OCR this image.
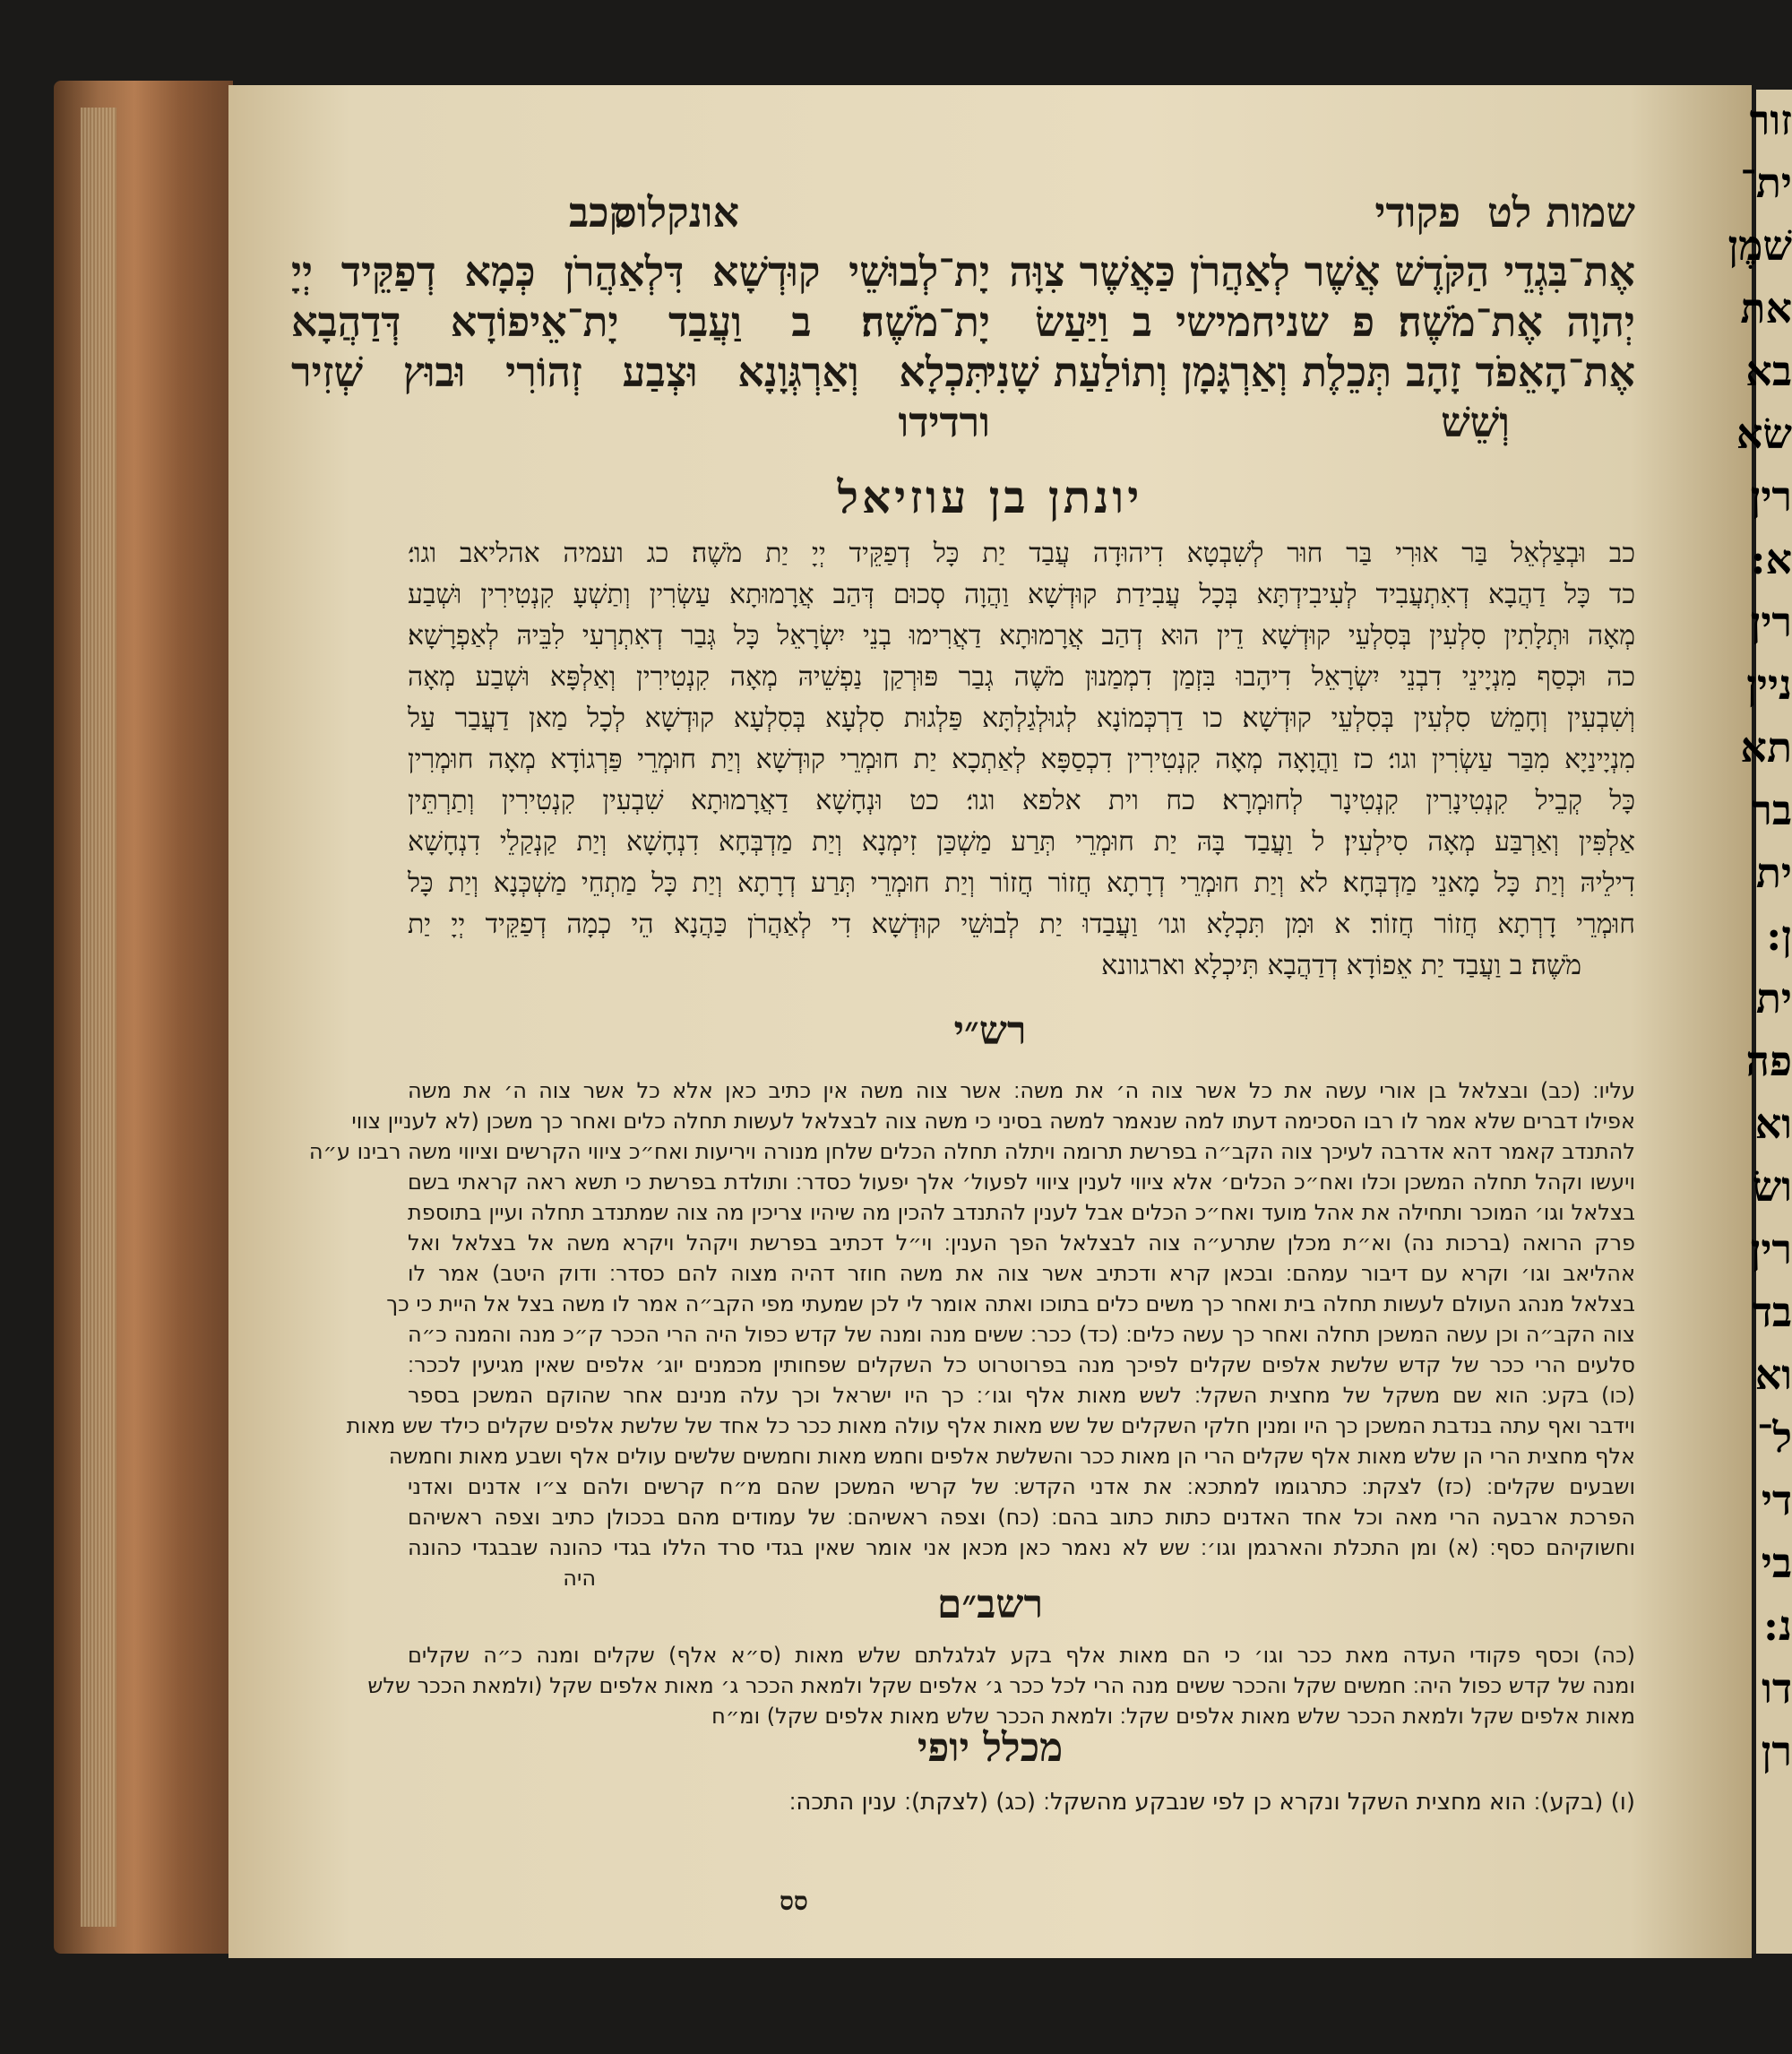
שמות לט
פקודי
אונקלוס
קכב
אֶת־בִּגְדֵי הַקֹּדֶשׁ אֲשֶׁר לְאַהֲרֹן כַּאֲשֶׁר צִוָּה
יְהוָה אֶת־מֹשֶׁה׃ פ שניחמישי ב וַיַּעַשׂ
אֶת־הָאֵפֹד זָהָב תְּכֵלֶת וְאַרְגָּמָן וְתוֹלַעַת שָׁנִי
וְשֵׁשׁ
יָת־לְבוּשֵׁי קוּדְשָׁא דִּלְאַהֲרֹן כְּמָא דְפַקֵּיד יְיָ
יָת־מֹשֶׁה׃ ב וַעֲבַד יָת־אֵיפוֹדָא דְּדַהֲבָא
תִּכְלָא וְאַרְגְּוָנָא וּצְבַע זְהוֹרִי וּבוּץ שְׁזִיר
ורדידו
יונתן בן עוזיאל
כב וּבְצַלְאֵל בַּר אוּרִי בַּר חוּר לְשִׁבְטָא דִיהוּדָה עֲבַד יַת כָּל דְפַקֵּיד יְיָ יַת מֹשֶׁה׃ כג ועמיה אהליאב וגו׳׃
כד כָּל דַהֲבָא דְאִתְעֲבִיד לְעִיבִידְתָּא בְּכָל עֲבִידַת קוּדְשָׁא וַהֲוָה סְכוּם דְּהַב אֲרָמוּתָא עַשְׂרִין וְתַשְׁעָ קִנְטִירִין וּשְׁבַע
מְאָה וּתְלָתִין סִלְעִין בְּסִלְעֵי קוּדְשָׁא דֵין הוּא דְהַב אֲרָמוּתָא דַאֲרִימוּ בְנֵי יִשְׂרָאֵל כָּל גְּבַר דְאִתְרְעִי לִבֵּיהּ לְאַפְרָשָׁא׃
כה וּכְסַף מִנְיָינֵי דִבְנֵי יִשְׂרָאֵל דִיהָבוּ בִּזְמַן דִמְמַנוּן מֹשֶׁה גְבַר פּוּרְקַן נַפְשֵׁיהּ מְאָה קִנְטִירִין וְאַלְפָּא וּשְׁבַע מְאָה
וְשִׁבְעִין וְחָמֵשׁ סִלְעִין בְּסִלְעֵי קוּדְשָׁא׃ כו דַרְכְּמוֹנָא לְגוּלְגַלְתָּא פַּלְגוּת סִלְעָא בְּסִלְעָא קוּדְשָׁא לְכָל מַאן דַעֲבַר עַל
מִנְיָינַיָא מִבַּר עַשְׂרִין וגו׳׃ כז וַהֲוָאָה מְאָה קִנְטִירִין דִכְסַפָּא לְאַתְכָא יַת חוּמְרֵי קוּדְשָׁא וְיַת חוּמְרֵי פַּרְגוֹדָא מְאָה חוּמְרִין
כָּל קְבֵיל קִנְטִינָרִין קִנְטִינָר לְחוּמְרָא׃ כח וית אלפא וגו׳׃ כט וּנְחָשָׁא דַאֲרָמוּתָא שִׁבְעִין קִנְטִירִין וְתַרְתֵּין
אַלְפִּין וְאַרְבַּע מְאָה סִילְעִין׃ ל וַעֲבַד בָּהּ יַת חוּמְרֵי תְּרַע מַשְׁכַּן זִימְנָא וְיַת מַדְבְּחָא דִנְחָשָׁא וְיַת קַנְקַלֵי דִנְחָשָׁא
דִילֵיהּ וְיַת כָּל מָאנֵי מַדְבְּחָא׃ לא וְיַת חוּמְרֵי דְרָתָא חֲזוֹר חֲזוֹר וְיַת חוּמְרֵי תְּרַע דְרָתָא וְיַת כָּל מַתְחֵי מַשְׁכְּנָא וְיַת כָּל
חוּמְרֵי דָרְתָא חֲזוֹר חֲזוֹר׃ א וּמִן תִּכְלָא וגו׳ וַעֲבַדוּ יַת לְבוּשֵׁי קוּדְשָׁא דִי לְאַהֲרֹן כַּהֲנָא הֵי כְמָה דְפַקֵּיד יְיָ יַת
מֹשֶׁה׃ ב וַעֲבַד יַת אֵפוֹדָא דְדַהֲבָא תִּיכְלָא וארגוונא
רש״י
עליו׃ (כב) ובצלאל בן אורי עשה את כל אשר צוה ה׳ את משה׃ אשר צוה משה אין כתיב כאן אלא כל אשר צוה ה׳ את משה
אפילו דברים שלא אמר לו רבו הסכימה דעתו למה שנאמר למשה בסיני כי משה צוה לבצלאל לעשות תחלה כלים ואחר כך משכן (לא לעניין צווי
להתנדב קאמר דהא אדרבה לעיכך צוה הקב״ה בפרשת תרומה ויתלה תחלה הכלים שלחן מנורה ויריעות ואח״כ ציווי הקרשים וציווי משה רבינו ע״ה
ויעשו וקהל תחלה המשכן וכלו ואח״כ הכלים׳ אלא ציווי לענין ציווי לפעול׳ אלך יפעול כסדר׃ ותולדת בפרשת כי תשא ראה קראתי בשם
בצלאל וגו׳ המוכר ותחילה את אהל מועד ואח״כ הכלים אבל לענין להתנדב להכין מה שיהיו צריכין מה צוה שמתנדב תחלה ועיין בתוספת
פרק הרואה (ברכות נה) וא״ת מכלן שתרע״ה צוה לבצלאל הפך הענין׃ וי״ל דכתיב בפרשת ויקהל ויקרא משה אל בצלאל ואל
אהליאב וגו׳ וקרא עם דיבור עמהם׃ ובכאן קרא ודכתיב אשר צוה את משה חוזר דהיה מצוה להם כסדר׃ ודוק היטב) אמר לו
בצלאל מנהג העולם לעשות תחלה בית ואחר כך משים כלים בתוכו ואתה אומר לי לכן שמעתי מפי הקב״ה אמר לו משה בצל אל היית כי כך
צוה הקב״ה וכן עשה המשכן תחלה ואחר כך עשה כלים׃ (כד) ככר׃ ששים מנה ומנה של קדש כפול היה הרי הככר ק״כ מנה והמנה כ״ה
סלעים הרי ככר של קדש שלשת אלפים שקלים לפיכך מנה בפרוטרוט כל השקלים שפחותין מכמנים יוג׳ אלפים שאין מגיעין לככר׃
(כו) בקע׃ הוא שם משקל של מחצית השקל׃ לשש מאות אלף וגו׳׃ כך היו ישראל וכך עלה מנינם אחר שהוקם המשכן בספר
וידבר ואף עתה בנדבת המשכן כך היו ומנין חלקי השקלים של שש מאות אלף עולה מאות ככר כל אחד של שלשת אלפים שקלים כילד שש מאות
אלף מחצית הרי הן שלש מאות אלף שקלים הרי הן מאות ככר והשלשת אלפים וחמש מאות וחמשים שלשים עולים אלף ושבע מאות וחמשה
ושבעים שקלים׃ (כז) לצקת׃ כתרגומו למתכא׃ את אדני הקדש׃ של קרשי המשכן שהם מ״ח קרשים ולהם צ״ו אדנים ואדני
הפרכת ארבעה הרי מאה וכל אחד האדנים כתות כתוב בהם׃ (כח) וצפה ראשיהם׃ של עמודים מהם בככולן כתיב וצפה ראשיהם
וחשוקיהם כסף׃ (א) ומן התכלת והארגמן וגו׳׃ שש לא נאמר כאן מכאן אני אומר שאין בגדי סרד הללו בגדי כהונה שבבגדי כהונה
היה
רשב״ם
(כה) וכסף פקודי העדה מאת ככר וגו׳ כי הם מאות אלף בקע לגלגלתם שלש מאות (ס״א אלף) שקלים ומנה כ״ה שקלים
ומנה של קדש כפול היה׃ חמשים שקל והככר ששים מנה הרי לכל ככר ג׳ אלפים שקל ולמאת הככר ג׳ מאות אלפים שקל (ולמאת הככר שלש
מאות אלפים שקל ולמאת הככר שלש מאות אלפים שקל׃ ולמאת הככר שלש מאות אלפים שקל) ומ״ח
מכלל יופי
(ו) (בקע)׃ הוא מחצית השקל ונקרא כן לפי שנבקע מהשקל׃ (כג) (לצקת)׃ ענין התכה׃
סס
זור
ית־
שׁמֶן
את
בא
שׂא
רין
א:
רין
ניין
תא
בר
ית
ן:
ית
פה
וא
ושׂ
רין
בד
וא
ל־
די
בי
נ:
דו
רן
